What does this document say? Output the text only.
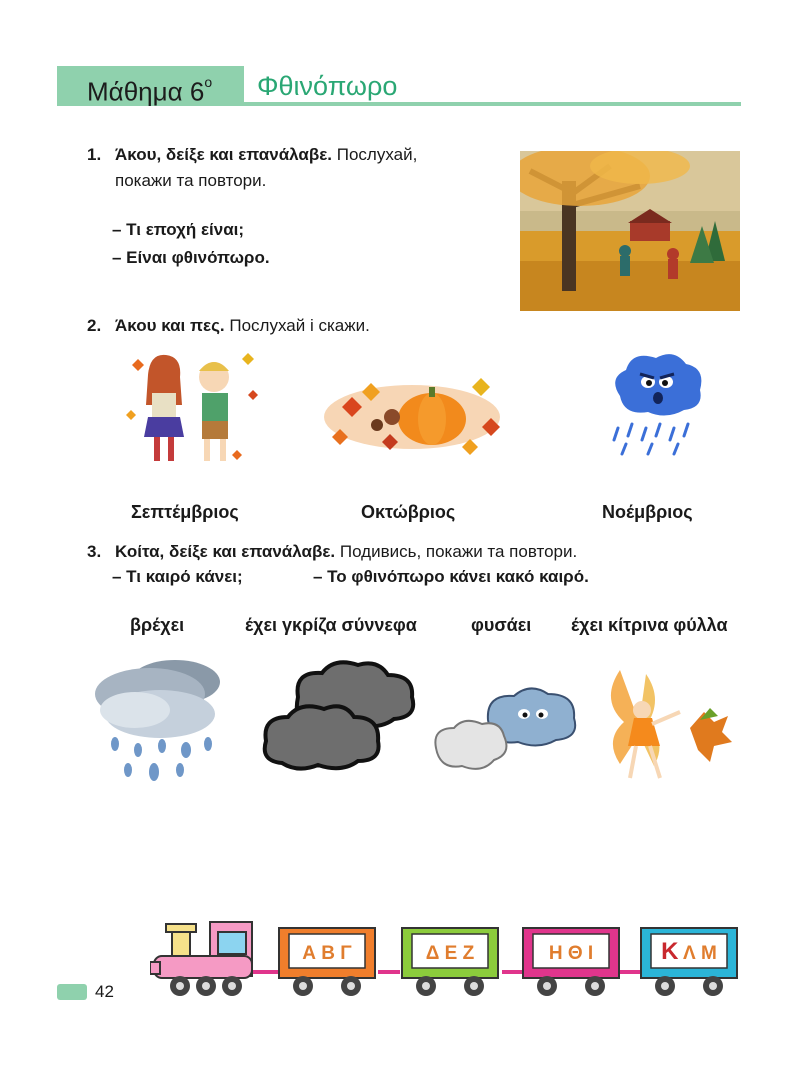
Μάθημα $6^o$ Φθινόπωρο
1. Άκου, δείξε και επανάλαβε. Послухай,
покажи та повтори.
– Τι εποχή είναι;
– Είναι φθινόπωρο.
2. Άκου και πες. Послухай і скажи.
Σεπτέμβριος	Οκτώβριος	Νοέμβριος
3. Κοίτα, δείξε και επανάλαβε. Подивись, покажи та повтори.
– Τι καιρό κάνει;	– Το φθινόπωρο κάνει κακό καιρό.
βρέχει	έχει γκρίζα σύννεφα	φυσάει έχει κίτρινα φύλλα
Α Β Γ	Δ Ε Ζ	Η Θ Ι	Κ Λ Μ
42
